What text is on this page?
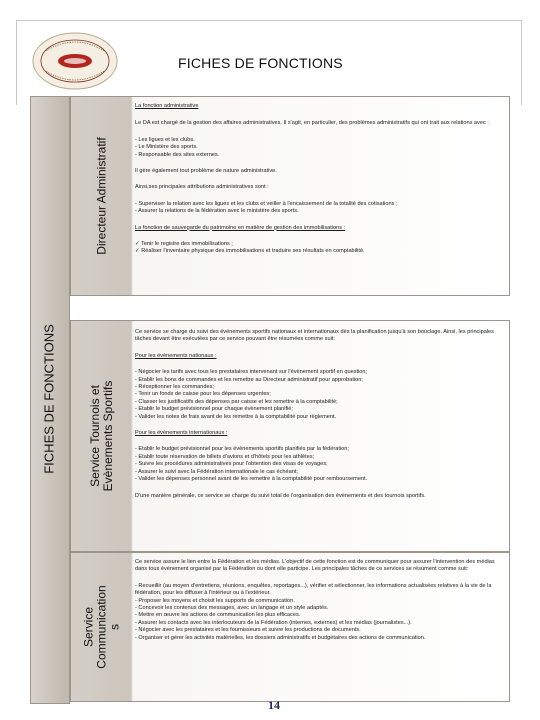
FICHES DE FONCTIONS
FICHES DE FONCTIONS
Directeur Administratif

La fonction administrative

Le DA est chargé de la gestion des affaires administratives. Il s'agit, en particulier, des problèmes administratifs qui ont trait aux relations avec :

- Les ligues et les clubs.

- Le Ministère des sports.

- Responsable des sites externes.

Il gère également tout problème de nature administrative.

Ainsi,ses principales attributions administratives sont :

- Superviser la relation avec les ligues et les clubs et veiller à l'encaissement de la totalité des cotisations ;

- Assurer la relations de la fédération avec le ministère des sports.

La fonction de sauvegarde du patrimoine en matière de gestion des immobilisations :

✓ Tenir le registre des immobilisations ;

✓ Réaliser l'inventaire physique des immobilisations et traduire ses résultats en comptabilité.

Service Tournois et Evènements Sportifs

Ce service se charge du suivi des événements sportifs nationaux et internationaux dès la planification jusqu'à son bouclage. Ainsi, les principales tâches devant être exécutées par ce service pouvant être résumées comme suit:

Pour les évènements nationaux :

- Négocier les tarifs avec tous les prestataires intervenant sur l'évènement sportif en question;

- Etablir les bons de commandes et les remettre au Directeur administratif pour approbation;

- Réceptionner les commandes;

- Tenir un fonds de caisse pour les dépenses urgentes;

- Classer les justificatifs des dépenses par caisse et les remettre à la comptabilité;

- Etablir le budget prévisionnel pour chaque évènement planifié;

- Valider les notes de frais avant de les remettre à la comptabilité pour règlement.

Pour les évènements internationaux :

- Etablir le budget prévisionnel pour les évènements sportifs planifiés par la fédération;

- Etablir toute réservation de billets d'avions et d'hôtels pour les athlètes;

- Suivre les procédures administratives pour l'obtention des visas de voyages;

- Assurer le suivi avec la Fédération internationale le cas échéant;

- Valider les dépenses personnel avant de les remettre à la comptabilité pour remboursement.

D'une manière générale, ce service se charge du suivi total de l'organisation des évènements et des tournois sportifs.

Service Communication s

Ce service assure le lien entre la Fédération et les médias. L'objectif de cette fonction est de communiquer pour assurer l'intervention des médias dans tous évènement organisé par la Fédération ou dont elle participe. Les principales tâches de ce services se résument comme suit:

- Recueillir (au moyen d'entretiens, réunions, enquêtes, reportages...), vérifier et sélectionner, les informations actualisées relatives à la vie de la fédération, pour les diffuser à l'intérieur ou à l'extérieur.

- Proposer les moyens et choisit les supports de communication.

- Concevoir les contenus des messages, avec un langage et un style adaptés.

- Mettre en œuvre les actions de communication les plus efficaces.

- Assurer les contacts avec les interlocuteurs de la Fédération (internes, externes) et les médias (journalistes...).

- Négocier avec les prestataires et les fournisseurs et suivre les productions de documents.

- Organiser et gérer les activités matérielles, les dossiers administratifs et budgétaires des actions de communication.

14
